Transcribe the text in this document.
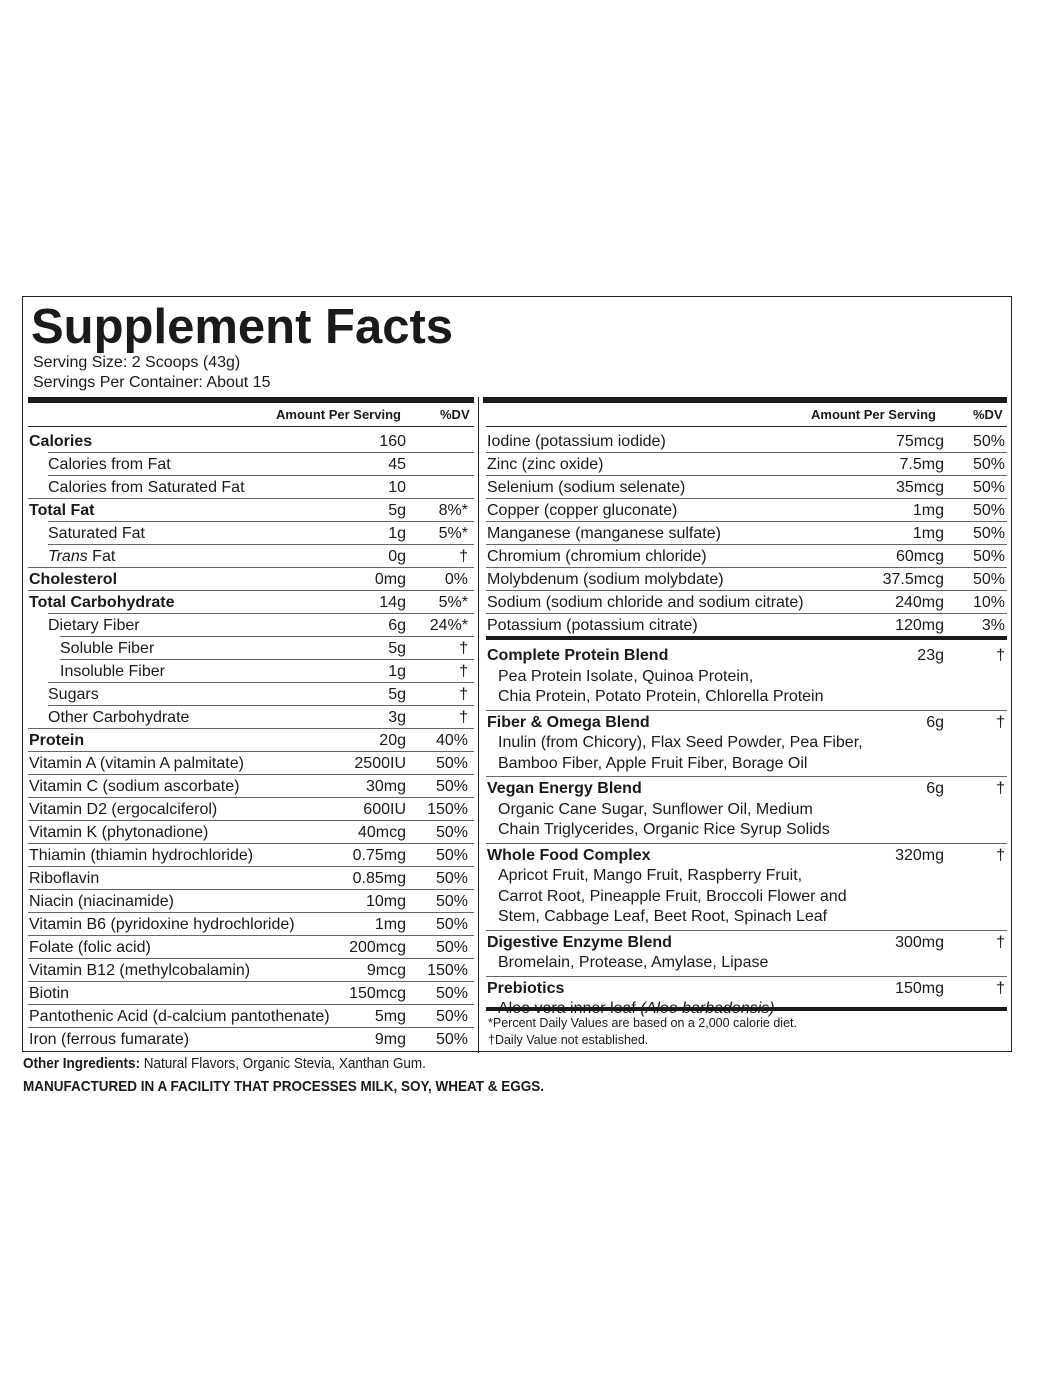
Supplement Facts
Serving Size: 2 Scoops (43g)
Servings Per Container: About 15
Amount Per Serving	%DV	Amount Per Serving	%DV
Calories	160
Calories from Fat	45
Calories from Saturated Fat	10
Total Fat	5g 8%*
Saturated Fat	1g 5%*
Trans Fat	0g	†
Cholesterol	0mg 0%
Total Carbohydrate	14g 5%*
Dietary Fiber	6g 24%*
Soluble Fiber	5g	†
Insoluble Fiber	1g	†
Sugars	5g	†
Other Carbohydrate	3g	†
Protein	20g 40%
Vitamin A (vitamin A palmitate)	2500IU 50%
Vitamin C (sodium ascorbate)	30mg 50%
Vitamin D2 (ergocalciferol)	600IU 150%
Vitamin K (phytonadione)	40mcg 50%
Thiamin (thiamin hydrochloride)	0.75mg 50%
Riboflavin	0.85mg 50%
Niacin (niacinamide)	10mg 50%
Vitamin B6 (pyridoxine hydrochloride)	1mg 50%
Folate (folic acid)	200mcg 50%
Vitamin B12 (methylcobalamin)	9mcg 150%
Biotin	150mcg 50%
Pantothenic Acid (d-calcium pantothenate)	5mg 50%
Iron (ferrous fumarate)	9mg 50%
Iodine (potassium iodide)	75mcg 50%
Zinc (zinc oxide)	7.5mg 50%
Selenium (sodium selenate)	35mcg 50%
Copper (copper gluconate)	1mg 50%
Manganese (manganese sulfate)	1mg 50%
Chromium (chromium chloride)	60mcg 50%
Molybdenum (sodium molybdate)	37.5mcg 50%
Sodium (sodium chloride and sodium citrate)	240mg 10%
Potassium (potassium citrate)	120mg 3%
Complete Protein Blend	23g	†
Pea Protein Isolate, Quinoa Protein,
Chia Protein, Potato Protein, Chlorella Protein
Fiber & Omega Blend	6g	†
Inulin (from Chicory), Flax Seed Powder, Pea Fiber,
Bamboo Fiber, Apple Fruit Fiber, Borage Oil
Vegan Energy Blend	6g	†
Organic Cane Sugar, Sunflower Oil, Medium
Chain Triglycerides, Organic Rice Syrup Solids
Whole Food Complex	320mg	†
Apricot Fruit, Mango Fruit, Raspberry Fruit,
Carrot Root, Pineapple Fruit, Broccoli Flower and
Stem, Cabbage Leaf, Beet Root, Spinach Leaf
Digestive Enzyme Blend	300mg	†
Bromelain, Protease, Amylase, Lipase
Prebiotics	150mg	†
*Percent Daily Values are based on a 2,000 calorie diet.
†Daily Value not established.
Other Ingredients: Natural Flavors, Organic Stevia, Xanthan Gum.
MANUFACTURED IN A FACILITY THAT PROCESSES MILK, SOY, WHEAT & EGGS.
